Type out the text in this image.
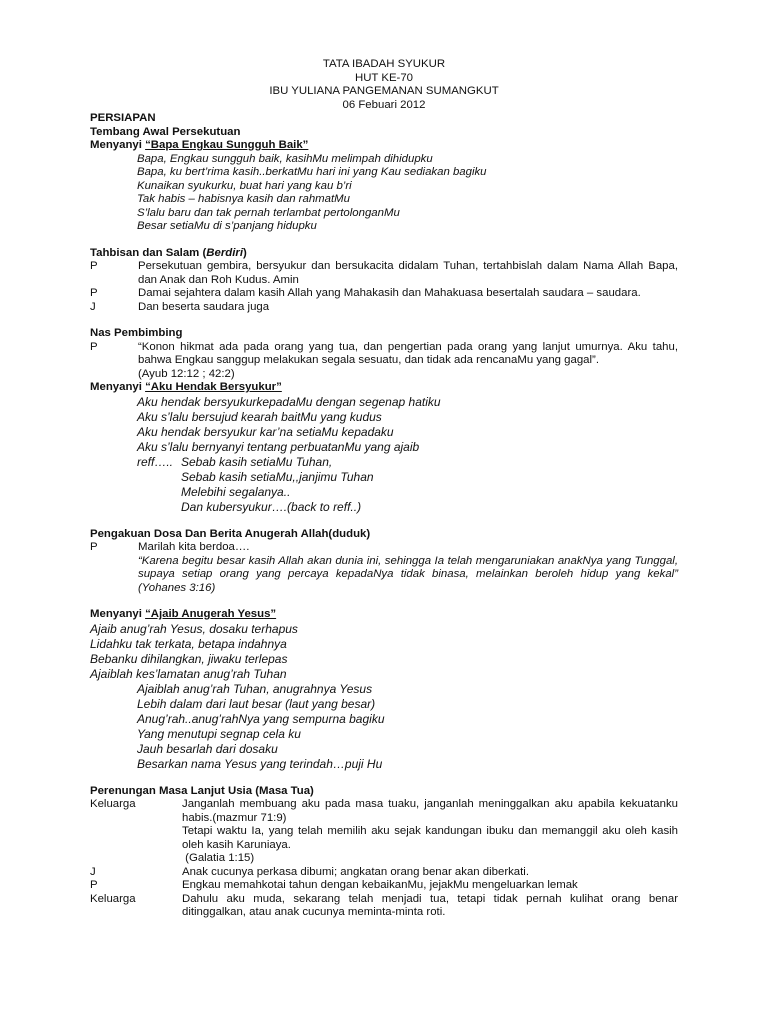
TATA IBADAH SYUKUR
HUT KE-70
IBU YULIANA PANGEMANAN SUMANGKUT
06 Febuari 2012
PERSIAPAN
Tembang Awal Persekutuan
Menyanyi “Bapa Engkau Sungguh Baik”
Bapa, Engkau sungguh baik, kasihMu melimpah dihidupku
Bapa, ku bert’rima kasih..berkatMu hari ini yang Kau sediakan bagiku
Kunaikan syukurku, buat hari yang kau b’ri
Tak habis – habisnya kasih dan rahmatMu
S’lalu baru dan tak pernah terlambat pertolonganMu
Besar setiaMu di s’panjang hidupku
Tahbisan dan Salam (Berdiri)
P	Persekutuan gembira, bersyukur dan bersukacita didalam Tuhan, tertahbislah dalam Nama Allah Bapa, dan Anak dan Roh Kudus. Amin
P	Damai sejahtera dalam kasih Allah yang Mahakasih dan Mahakuasa besertalah saudara – saudara.
J	Dan beserta saudara juga
Nas Pembimbing
P	“Konon hikmat ada pada orang yang tua, dan pengertian pada orang yang lanjut umurnya. Aku tahu, bahwa Engkau sanggup melakukan segala sesuatu, dan tidak ada rencanaMu yang gagal”.
(Ayub 12:12 ; 42:2)
Menyanyi “Aku Hendak Bersyukur”
Aku hendak bersyukurkepadaMu dengan segenap hatiku
Aku s’lalu bersujud kearah baitMu yang kudus
Aku hendak bersyukur kar’na setiaMu kepadaku
Aku s’lalu bernyanyi tentang perbuatanMu yang ajaib
reff….. Sebab kasih setiaMu Tuhan,
Sebab kasih setiaMu,,janjimu Tuhan
Melebihi segalanya..
Dan kubersyukur….(back to reff..)
Pengakuan Dosa Dan Berita Anugerah Allah(duduk)
P	Marilah kita berdoa….
“Karena begitu besar kasih Allah akan dunia ini, sehingga Ia telah mengaruniakan anakNya yang Tunggal, supaya setiap orang yang percaya kepadaNya tidak binasa, melainkan beroleh hidup yang kekal” (Yohanes 3:16)
Menyanyi “Ajaib Anugerah Yesus”
Ajaib anug’rah Yesus, dosaku terhapus
Lidahku tak terkata, betapa indahnya
Bebanku dihilangkan, jiwaku terlepas
Ajaiblah kes’lamatan anug’rah Tuhan
Ajaiblah anug’rah Tuhan, anugrahnya Yesus
Lebih dalam dari laut besar (laut yang besar)
Anug’rah..anug’rahNya yang sempurna bagiku
Yang menutupi segnap cela ku
Jauh besarlah dari dosaku
Besarkan nama Yesus yang terindah…puji Hu
Perenungan Masa Lanjut Usia (Masa Tua)
Keluarga	Janganlah membuang aku pada masa tuaku, janganlah meninggalkan aku apabila kekuatanku habis.(mazmur 71:9)
Tetapi waktu Ia, yang telah memilih aku sejak kandungan ibuku dan memanggil aku oleh kasih oleh kasih Karuniaya.
(Galatia 1:15)
J	Anak cucunya perkasa dibumi; angkatan orang benar akan diberkati.
P	Engkau memahkotai tahun dengan kebaikanMu, jejakMu mengeluarkan lemak
Keluarga	Dahulu aku muda, sekarang telah menjadi tua, tetapi tidak pernah kulihat orang benar ditinggalkan, atau anak cucunya meminta-minta roti.
